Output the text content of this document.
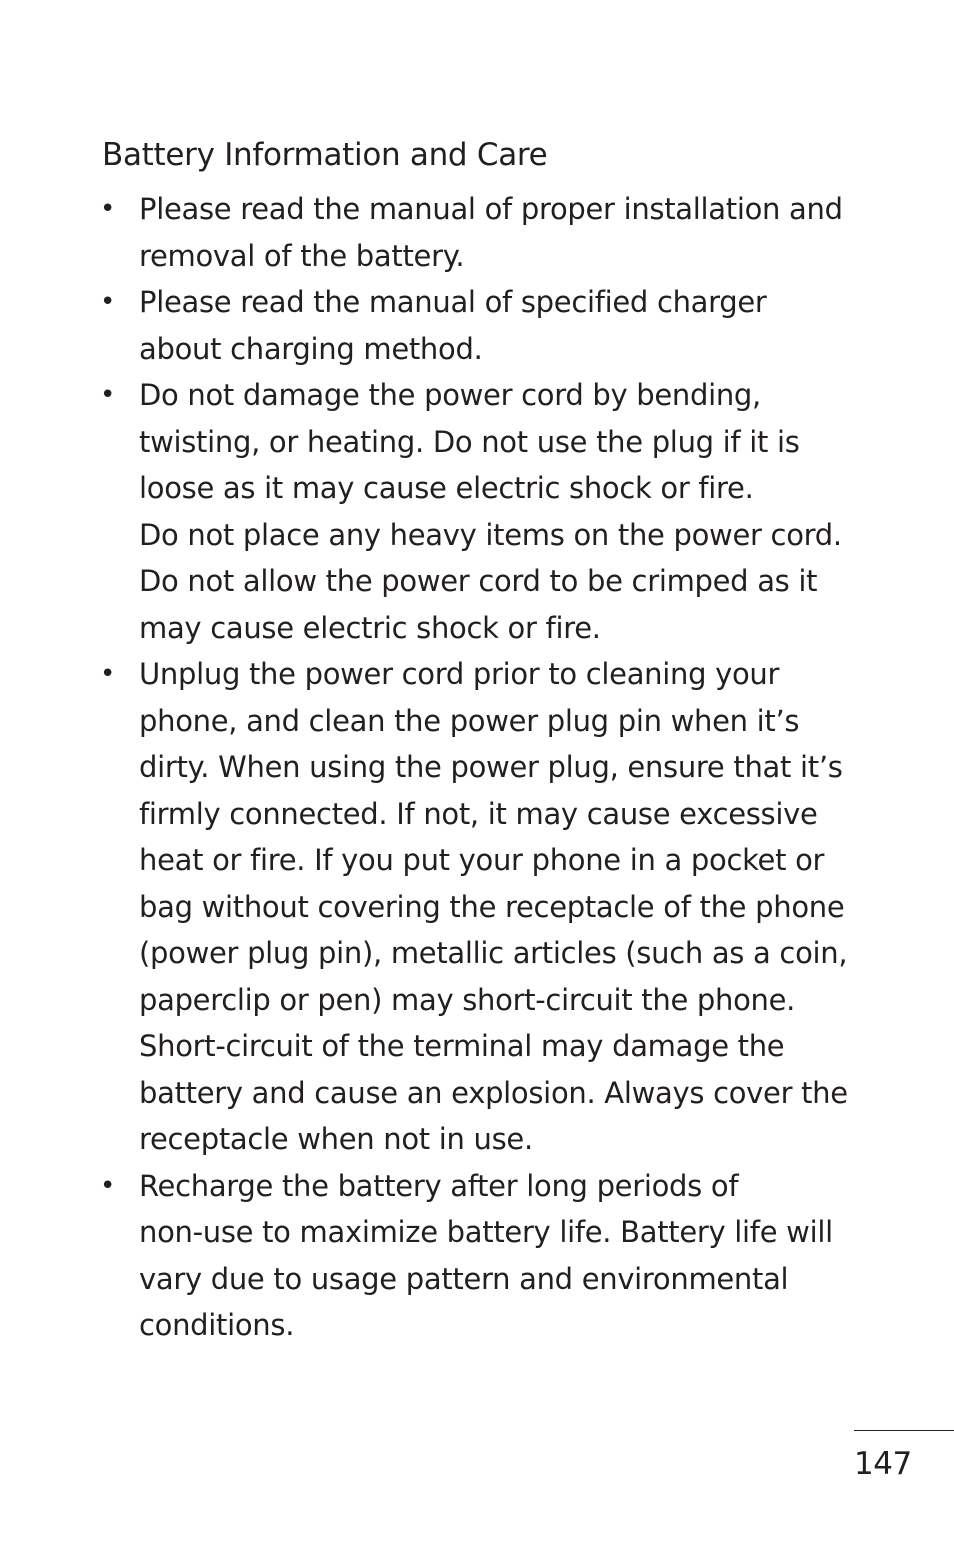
Battery Information and Care
• Please read the manual of proper installation and
removal of the battery.
• Please read the manual of specified charger
about charging method.
• Do not damage the power cord by bending,
twisting, or heating. Do not use the plug if it is
loose as it may cause electric shock or fire.
Do not place any heavy items on the power cord.
Do not allow the power cord to be crimped as it
may cause electric shock or fire.
• Unplug the power cord prior to cleaning your
phone, and clean the power plug pin when it’s
dirty. When using the power plug, ensure that it’s
firmly connected. If not, it may cause excessive
heat or fire. If you put your phone in a pocket or
bag without covering the receptacle of the phone
(power plug pin), metallic articles (such as a coin,
paperclip or pen) may short-circuit the phone.
Short-circuit of the terminal may damage the
battery and cause an explosion. Always cover the
receptacle when not in use.
• Recharge the battery after long periods of
non-use to maximize battery life. Battery life will
vary due to usage pattern and environmental
conditions.
147
